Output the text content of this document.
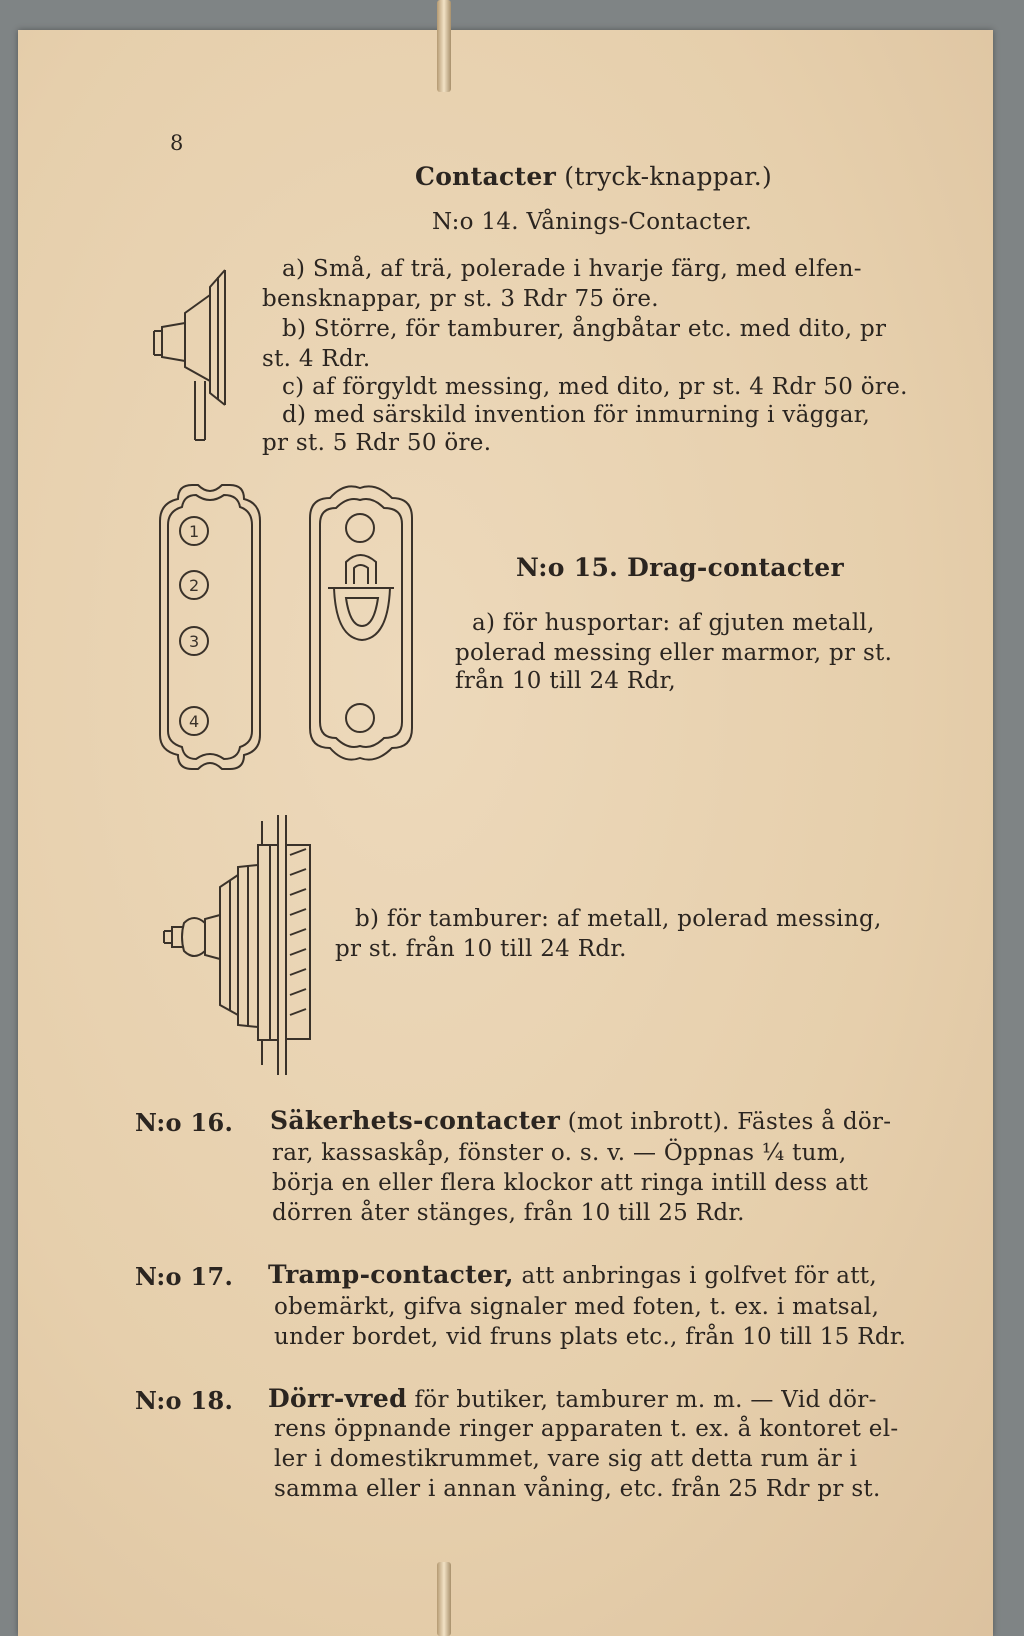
8
Contacter (tryck-knappar.)
N:o 14. Vånings-Contacter.
a) Små, af trä, polerade i hvarje färg, med elfen-
bensknappar, pr st. 3 Rdr 75 öre.
b) Större, för tamburer, ångbåtar etc. med dito, pr
st. 4 Rdr.
c) af förgyldt messing, med dito, pr st. 4 Rdr 50 öre.
d) med särskild invention för inmurning i väggar,
pr st. 5 Rdr 50 öre.
1
2
3
4
N:o 15. Drag-contacter
a) för husportar: af gjuten metall,
polerad messing eller marmor, pr st.
från 10 till 24 Rdr,
b) för tamburer: af metall, polerad messing,
pr st. från 10 till 24 Rdr.
N:o 16. Säkerhets-contacter (mot inbrott). Fästes å dör-
rar, kassaskåp, fönster o. s. v. — Öppnas ¼ tum,
börja en eller flera klockor att ringa intill dess att
dörren åter stänges, från 10 till 25 Rdr.
N:o 17. Tramp-contacter, att anbringas i golfvet för att,
obemärkt, gifva signaler med foten, t. ex. i matsal,
under bordet, vid fruns plats etc., från 10 till 15 Rdr.
N:o 18. Dörr-vred för butiker, tamburer m. m. — Vid dör-
rens öppnande ringer apparaten t. ex. å kontoret el-
ler i domestikrummet, vare sig att detta rum är i
samma eller i annan våning, etc. från 25 Rdr pr st.
